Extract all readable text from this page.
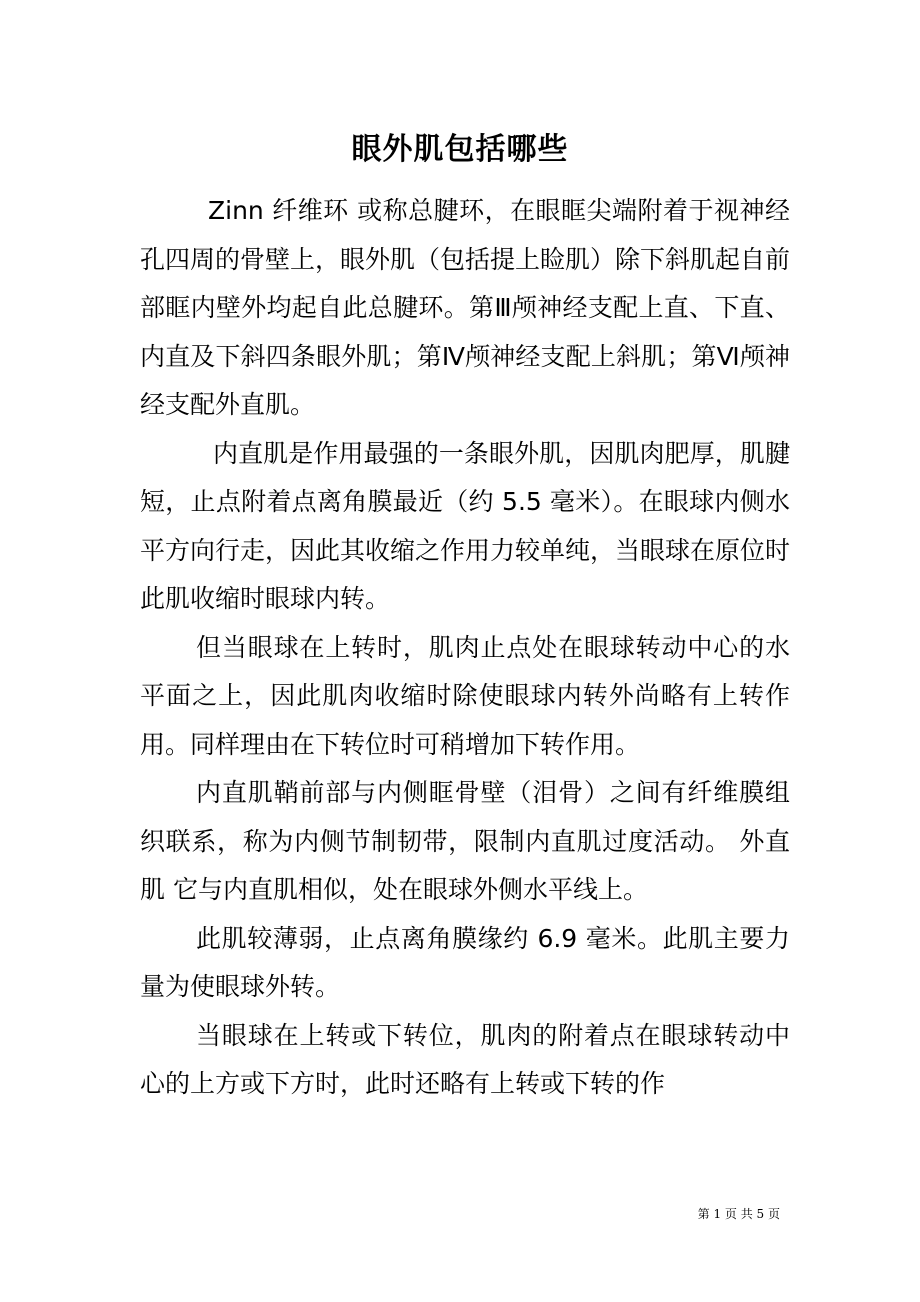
眼外肌包括哪些

Zinn 纤维环 或称总腱环，在眼眶尖端附着于视神经孔四周的骨壁上，眼外肌（包括提上睑肌）除下斜肌起自前部眶内壁外均起自此总腱环。第Ⅲ颅神经支配上直、下直、内直及下斜四条眼外肌；第Ⅳ颅神经支配上斜肌；第Ⅵ颅神经支配外直肌。

内直肌是作用最强的一条眼外肌，因肌肉肥厚，肌腱短，止点附着点离角膜最近（约 5.5 毫米）。在眼球内侧水平方向行走，因此其收缩之作用力较单纯，当眼球在原位时此肌收缩时眼球内转。

但当眼球在上转时，肌肉止点处在眼球转动中心的水平面之上，因此肌肉收缩时除使眼球内转外尚略有上转作用。同样理由在下转位时可稍增加下转作用。

内直肌鞘前部与内侧眶骨壁（泪骨）之间有纤维膜组织联系，称为内侧节制韧带，限制内直肌过度活动。 外直肌 它与内直肌相似，处在眼球外侧水平线上。

此肌较薄弱，止点离角膜缘约 6.9 毫米。此肌主要力量为使眼球外转。

当眼球在上转或下转位，肌肉的附着点在眼球转动中心的上方或下方时，此时还略有上转或下转的作

第 1 页 共 5 页
